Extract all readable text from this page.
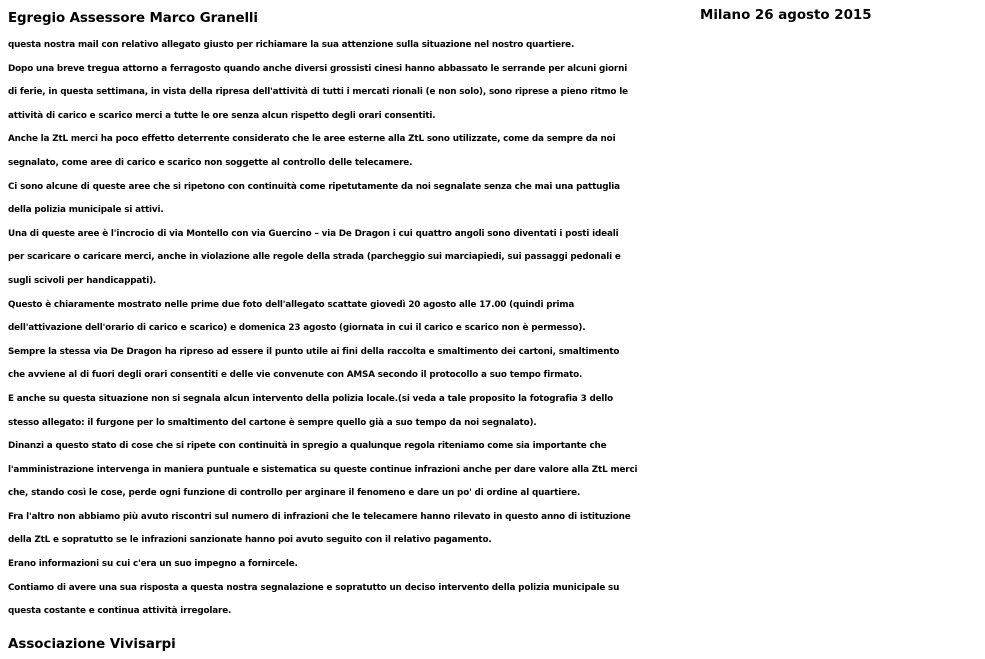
Egregio Assessore Marco Granelli	Milano 26 agosto 2015
questa nostra mail con relativo allegato giusto per richiamare la sua attenzione sulla situazione nel nostro quartiere.
Dopo una breve tregua attorno a ferragosto quando anche diversi grossisti cinesi hanno abbassato le serrande per alcuni giorni
di ferie, in questa settimana, in vista della ripresa dell'attività di tutti i mercati rionali (e non solo), sono riprese a pieno ritmo le
attività di carico e scarico merci a tutte le ore senza alcun rispetto degli orari consentiti.
Anche la ZtL merci ha poco effetto deterrente considerato che le aree esterne alla ZtL sono utilizzate, come da sempre da noi
segnalato, come aree di carico e scarico non soggette al controllo delle telecamere.
Ci sono alcune di queste aree che si ripetono con continuità come ripetutamente da noi segnalate senza che mai una pattuglia
della polizia municipale si attivi.
Una di queste aree è l'incrocio di via Montello con via Guercino – via De Dragon i cui quattro angoli sono diventati i posti ideali
per scaricare o caricare merci, anche in violazione alle regole della strada (parcheggio sui marciapiedi, sui passaggi pedonali e
sugli scivoli per handicappati).
Questo è chiaramente mostrato nelle prime due foto dell'allegato scattate giovedì 20 agosto alle 17.00 (quindi prima
dell'attivazione dell'orario di carico e scarico) e domenica 23 agosto (giornata in cui il carico e scarico non è permesso).
Sempre la stessa via De Dragon ha ripreso ad essere il punto utile ai fini della raccolta e smaltimento dei cartoni, smaltimento
che avviene al di fuori degli orari consentiti e delle vie convenute con AMSA secondo il protocollo a suo tempo firmato.
E anche su questa situazione non si segnala alcun intervento della polizia locale.(si veda a tale proposito la fotografia 3 dello
stesso allegato: il furgone per lo smaltimento del cartone è sempre quello già a suo tempo da noi segnalato).
Dinanzi a questo stato di cose che si ripete con continuità in spregio a qualunque regola riteniamo come sia importante che
l'amministrazione intervenga in maniera puntuale e sistematica su queste continue infrazioni anche per dare valore alla ZtL merci
che, stando così le cose, perde ogni funzione di controllo per arginare il fenomeno e dare un po' di ordine al quartiere.
Fra l'altro non abbiamo più avuto riscontri sul numero di infrazioni che le telecamere hanno rilevato in questo anno di istituzione
della ZtL e sopratutto se le infrazioni sanzionate hanno poi avuto seguito con il relativo pagamento.
Erano informazioni su cui c'era un suo impegno a fornircele.
Contiamo di avere una sua risposta a questa nostra segnalazione e sopratutto un deciso intervento della polizia municipale su
questa costante e continua attività irregolare.
Associazione Vivisarpi
